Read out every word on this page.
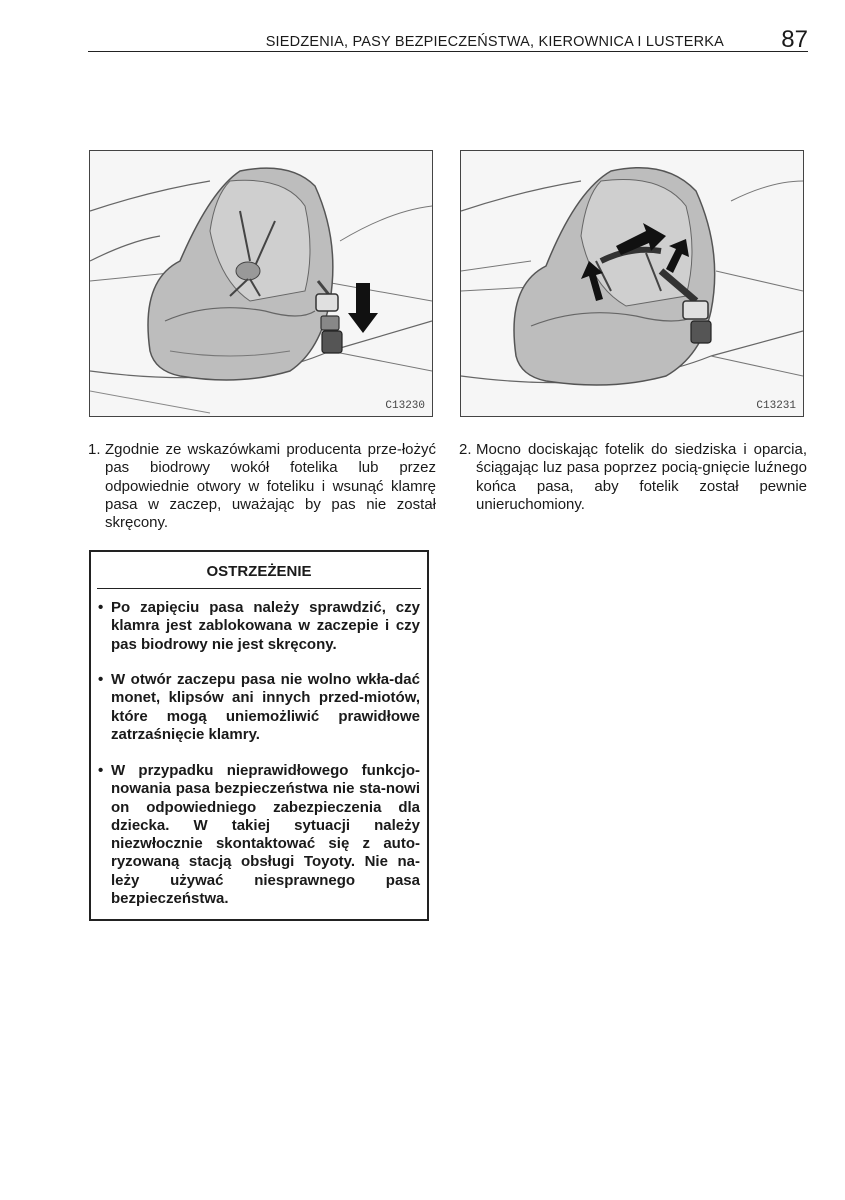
SIEDZENIA, PASY BEZPIECZEŃSTWA, KIEROWNICA I LUSTERKA 87
C13230	C13231
1. Zgodnie ze wskazówkami producenta prze-łożyć pas biodrowy wokół fotelika lub przez odpowiednie otwory w foteliku i wsunąć klamrę pasa w zaczep, uważając by pas nie został skręcony.
2. Mocno dociskając fotelik do siedziska i oparcia, ściągając luz pasa poprzez pocią-gnięcie luźnego końca pasa, aby fotelik został pewnie unieruchomiony.
OSTRZEŻENIE
• Po zapięciu pasa należy sprawdzić, czy klamra jest zablokowana w zaczepie i czy pas biodrowy nie jest skręcony.
• W otwór zaczepu pasa nie wolno wkła-dać monet, klipsów ani innych przed-miotów, które mogą uniemożliwić prawidłowe zatrzaśnięcie klamry.
• W przypadku nieprawidłowego funkcjo-nowania pasa bezpieczeństwa nie sta-nowi on odpowiedniego zabezpieczenia dla dziecka. W takiej sytuacji należy niezwłocznie skontaktować się z auto-ryzowaną stacją obsługi Toyoty. Nie na-leży używać niesprawnego pasa bezpieczeństwa.
